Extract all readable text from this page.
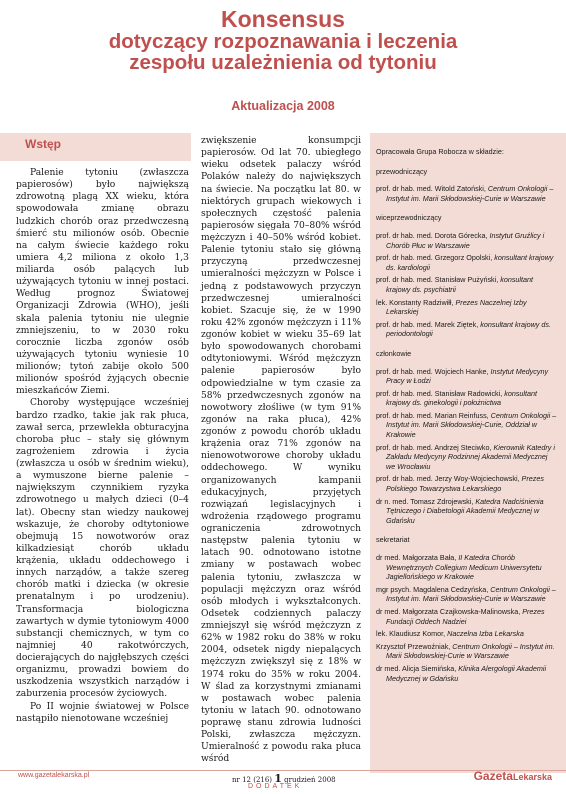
Konsensus
dotyczący rozpoznawania i leczenia
zespołu uzależnienia od tytoniu
Aktualizacja 2008
Wstęp

Palenie tytoniu (zwłaszcza papierosów) było największą zdrowotną plagą XX wieku, która spowodowała zmianę obrazu ludzkich chorób oraz przedwczesną śmierć stu milionów osób. Obecnie na całym świecie każdego roku umiera 4,2 miliona z około 1,3 miliarda osób palących lub używających tytoniu w innej postaci. Według prognoz Światowej Organizacji Zdrowia (WHO), jeśli skala palenia tytoniu nie ulegnie zmniejszeniu, to w 2030 roku corocznie liczba zgonów osób używających tytoniu wyniesie 10 milionów; tytoń zabije około 500 milionów spośród żyjących obecnie mieszkańców Ziemi.

Choroby występujące wcześniej bardzo rzadko, takie jak rak płuca, zawał serca, przewlekła obturacyjna choroba płuc – stały się głównym zagrożeniem zdrowia i życia (zwłaszcza u osób w średnim wieku), a wymuszone bierne palenie – największym czynnikiem ryzyka zdrowotnego u małych dzieci (0–4 lat). Obecny stan wiedzy naukowej wskazuje, że choroby odtytoniowe obejmują 15 nowotworów oraz kilkadziesiąt chorób układu krążenia, układu oddechowego i innych narządów, a także szereg chorób matki i dziecka (w okresie prenatalnym i po urodzeniu). Transformacja biologiczna zawartych w dymie tytoniowym 4000 substancji chemicznych, w tym co najmniej 40 rakotwórczych, docierających do najgłębszych części organizmu, prowadzi bowiem do uszkodzenia wszystkich narządów i zaburzenia procesów życiowych.

Po II wojnie światowej w Polsce nastąpiło nienotowane wcześniej

zwiększenie konsumpcji papierosów. Od lat 70. ubiegłego wieku odsetek palaczy wśród Polaków należy do największych na świecie. Na początku lat 80. w niektórych grupach wiekowych i społecznych częstość palenia papierosów sięgała 70–80% wśród mężczyzn i 40–50% wśród kobiet. Palenie tytoniu stało się główną przyczyną przedwczesnej umieralności mężczyzn w Polsce i jedną z podstawowych przyczyn przedwczesnej umieralności kobiet. Szacuje się, że w 1990 roku 42% zgonów mężczyzn i 11% zgonów kobiet w wieku 35–69 lat było spowodowanych chorobami odtytoniowymi. Wśród mężczyzn palenie papierosów było odpowiedzialne w tym czasie za 58% przedwczesnych zgonów na nowotwory złośliwe (w tym 91% zgonów na raka płuca), 42% zgonów z powodu chorób układu krążenia oraz 71% zgonów na nienowotworowe choroby układu oddechowego. W wyniku organizowanych kampanii edukacyjnych, przyjętych rozwiązań legislacyjnych i wdrożenia rządowego programu ograniczenia zdrowotnych następstw palenia tytoniu w latach 90. odnotowano istotne zmiany w postawach wobec palenia tytoniu, zwłaszcza w populacji mężczyzn oraz wśród osób młodych i wykształconych. Odsetek codziennych palaczy zmniejszył się wśród mężczyzn z 62% w 1982 roku do 38% w roku 2004, odsetek nigdy niepalących mężczyzn zwiększył się z 18% w 1974 roku do 35% w roku 2004. W ślad za korzystnymi zmianami w postawach wobec palenia tytoniu w latach 90. odnotowano poprawę stanu zdrowia ludności Polski, zwłaszcza mężczyzn. Umieralność z powodu raka płuca wśród

Opracowała Grupa Robocza w składzie:
przewodniczący
prof. dr hab. med. Witold Zatoński, Centrum Onkologii – Instytut im. Marii Skłodowskiej-Curie w Warszawie
wiceprzewodniczący
prof. dr hab. med. Dorota Górecka, Instytut Gruźlicy i Chorób Płuc w Warszawie
prof. dr hab. med. Grzegorz Opolski, konsultant krajowy ds. kardiologii
prof. dr hab. med. Stanisław Pużyński, konsultant krajowy ds. psychiatrii
lek. Konstanty Radziwiłł, Prezes Naczelnej Izby Lekarskiej
prof. dr hab. med. Marek Ziętek, konsultant krajowy ds. periodontologii
członkowie
prof. dr hab. med. Wojciech Hanke, Instytut Medycyny Pracy w Łodzi
prof. dr hab. med. Stanisław Radowicki, konsultant krajowy ds. ginekologii i położnictwa
prof. dr hab. med. Marian Reinfuss, Centrum Onkologii – Instytut im. Marii Skłodowskiej-Curie, Oddział w Krakowie
prof. dr hab. med. Andrzej Steciwko, Kierownik Katedry i Zakładu Medycyny Rodzinnej Akademii Medycznej we Wrocławiu
prof. dr hab. med. Jerzy Woy-Wojciechowski, Prezes Polskiego Towarzystwa Lekarskiego
dr n. med. Tomasz Zdrojewski, Katedra Nadciśnienia Tętniczego i Diabetologii Akademii Medycznej w Gdańsku
sekretariat
dr med. Małgorzata Bała, II Katedra Chorób Wewnętrznych Collegium Medicum Uniwersytetu Jagiellońskiego w Krakowie
mgr psych. Magdalena Cedzyńska, Centrum Onkologii – Instytut im. Marii Skłodowskiej-Curie w Warszawie
dr med. Małgorzata Czajkowska-Malinowska, Prezes Fundacji Oddech Nadziei
lek. Klaudiusz Komor, Naczelna Izba Lekarska
Krzysztof Przewoźniak, Centrum Onkologii – Instytut im. Marii Skłodowskiej-Curie w Warszawie
dr med. Alicja Siemińska, Klinika Alergologii Akademii Medycznej w Gdańsku
www.gazetalekarska.pl
nr 12 (216) 1 grudzień 2008
DODATEK
GazetaLekarska
